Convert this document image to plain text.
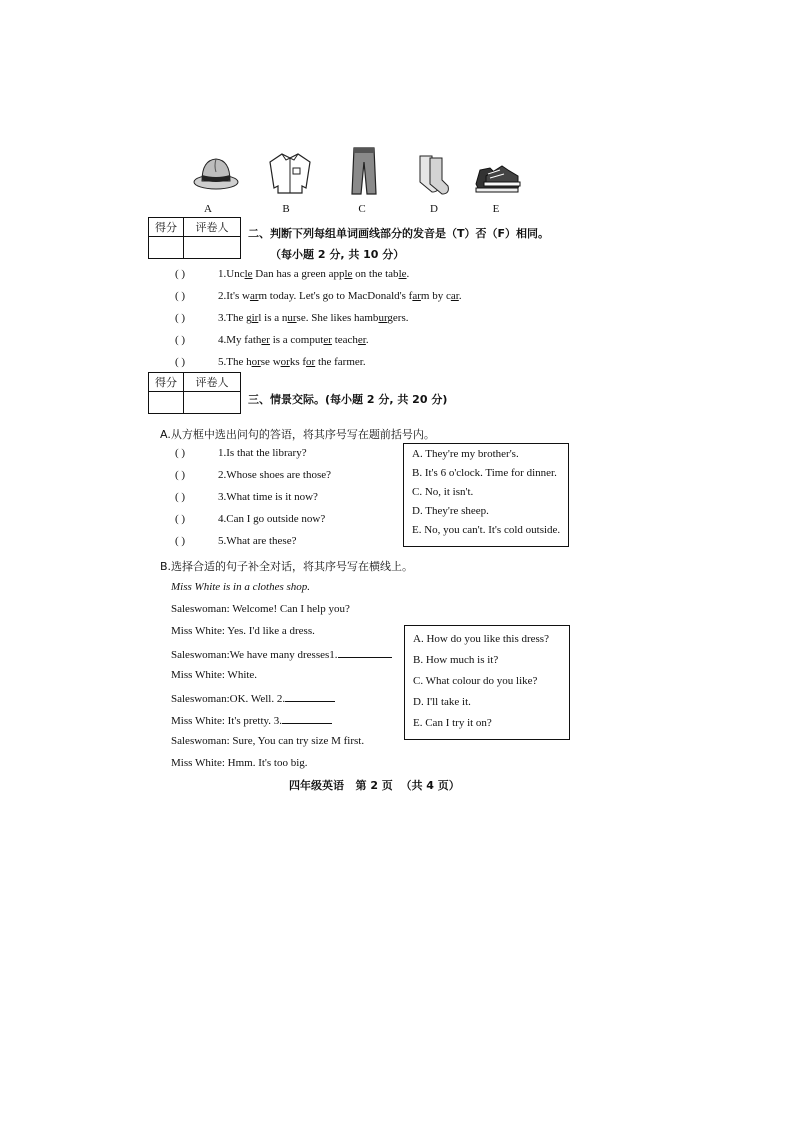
A	B	C	D	E
得分	评卷人
	二、判断下列每组单词画线部分的发音是（T）否（F）相同。
（每小题 2 分, 共 10 分）
( )	1.Uncle Dan has a green apple on the table.
( )	2.It's warm today. Let's go to MacDonald's farm by car.
( )	3.The girl is a nurse. She likes hamburgers.
( )	4.My father is a computer teacher.
( )	5.The horse works for the farmer.
得分	评卷人

三、情景交际。(每小题 2 分, 共 20 分)
A.从方框中选出问句的答语，将其序号写在题前括号内。
( )	1.Is that the library?
( )	2.Whose shoes are those?
( )	3.What time is it now?
( )	4.Can I go outside now?
( )	5.What are these?
A. They're my brother's.
B. It's 6 o'clock. Time for dinner.
C. No, it isn't.
D. They're sheep.
E. No, you can't. It's cold outside.
B.选择合适的句子补全对话，将其序号写在横线上。
Miss White is in a clothes shop.
Saleswoman: Welcome! Can I help you?
Miss White: Yes. I'd like a dress.
Saleswoman:We have many dresses1.
Miss White: White.
Saleswoman:OK. Well. 2.
Miss White: It's pretty. 3.
Saleswoman: Sure, You can try size M first.
Miss White: Hmm. It's too big.
A. How do you like this dress?
B. How much is it?
C. What colour do you like?
D. I'll take it.
E. Can I try it on?
四年级英语   第 2 页  （共 4 页）
